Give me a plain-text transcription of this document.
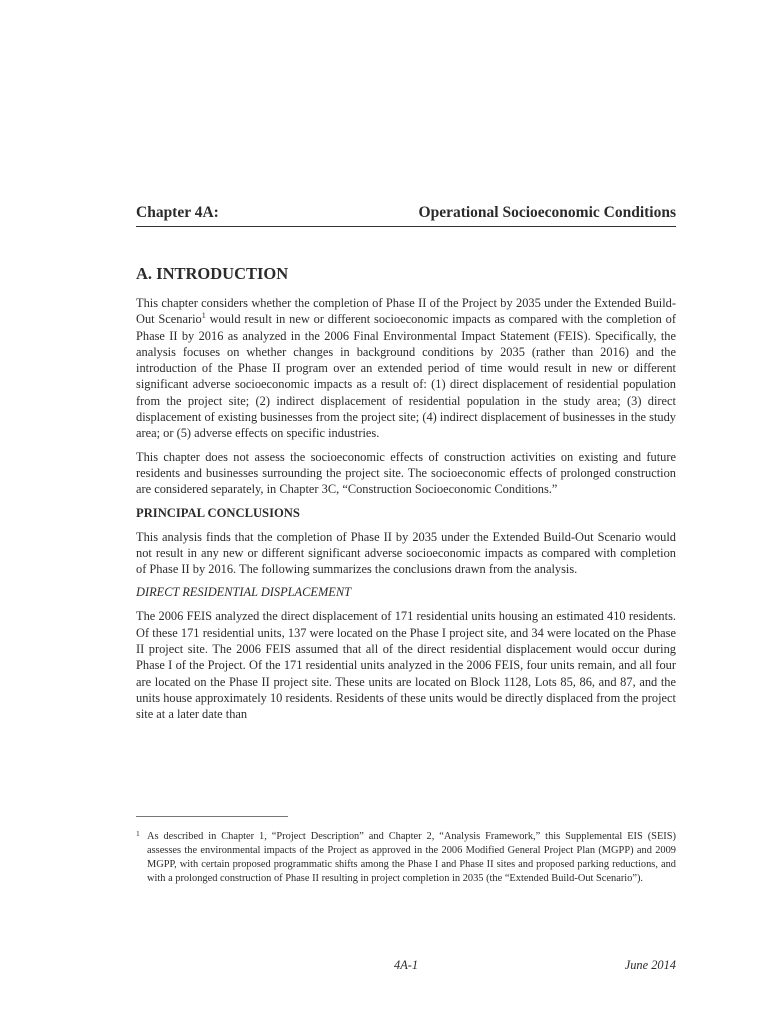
Chapter 4A:	Operational Socioeconomic Conditions
A. INTRODUCTION

This chapter considers whether the completion of Phase II of the Project by 2035 under the Extended Build-Out Scenario$^1$ would result in new or different socioeconomic impacts as compared with the completion of Phase II by 2016 as analyzed in the 2006 Final Environmental Impact Statement (FEIS). Specifically, the analysis focuses on whether changes in background conditions by 2035 (rather than 2016) and the introduction of the Phase II program over an extended period of time would result in new or different significant adverse socioeconomic impacts as a result of: (1) direct displacement of residential population from the project site; (2) indirect displacement of residential population in the study area; (3) direct displacement of existing businesses from the project site; (4) indirect displacement of businesses in the study area; or (5) adverse effects on specific industries.

This chapter does not assess the socioeconomic effects of construction activities on existing and future residents and businesses surrounding the project site. The socioeconomic effects of prolonged construction are considered separately, in Chapter 3C, “Construction Socioeconomic Conditions.”

PRINCIPAL CONCLUSIONS

This analysis finds that the completion of Phase II by 2035 under the Extended Build-Out Scenario would not result in any new or different significant adverse socioeconomic impacts as compared with completion of Phase II by 2016. The following summarizes the conclusions drawn from the analysis.

DIRECT RESIDENTIAL DISPLACEMENT

The 2006 FEIS analyzed the direct displacement of 171 residential units housing an estimated 410 residents. Of these 171 residential units, 137 were located on the Phase I project site, and 34 were located on the Phase II project site. The 2006 FEIS assumed that all of the direct residential displacement would occur during Phase I of the Project. Of the 171 residential units analyzed in the 2006 FEIS, four units remain, and all four are located on the Phase II project site. These units are located on Block 1128, Lots 85, 86, and 87, and the units house approximately 10 residents. Residents of these units would be directly displaced from the project site at a later date than

1 As described in Chapter 1, “Project Description” and Chapter 2, “Analysis Framework,” this Supplemental EIS (SEIS) assesses the environmental impacts of the Project as approved in the 2006 Modified General Project Plan (MGPP) and 2009 MGPP, with certain proposed programmatic shifts among the Phase I and Phase II sites and proposed parking reductions, and with a prolonged construction of Phase II resulting in project completion in 2035 (the “Extended Build-Out Scenario”).
4A-1	June 2014
